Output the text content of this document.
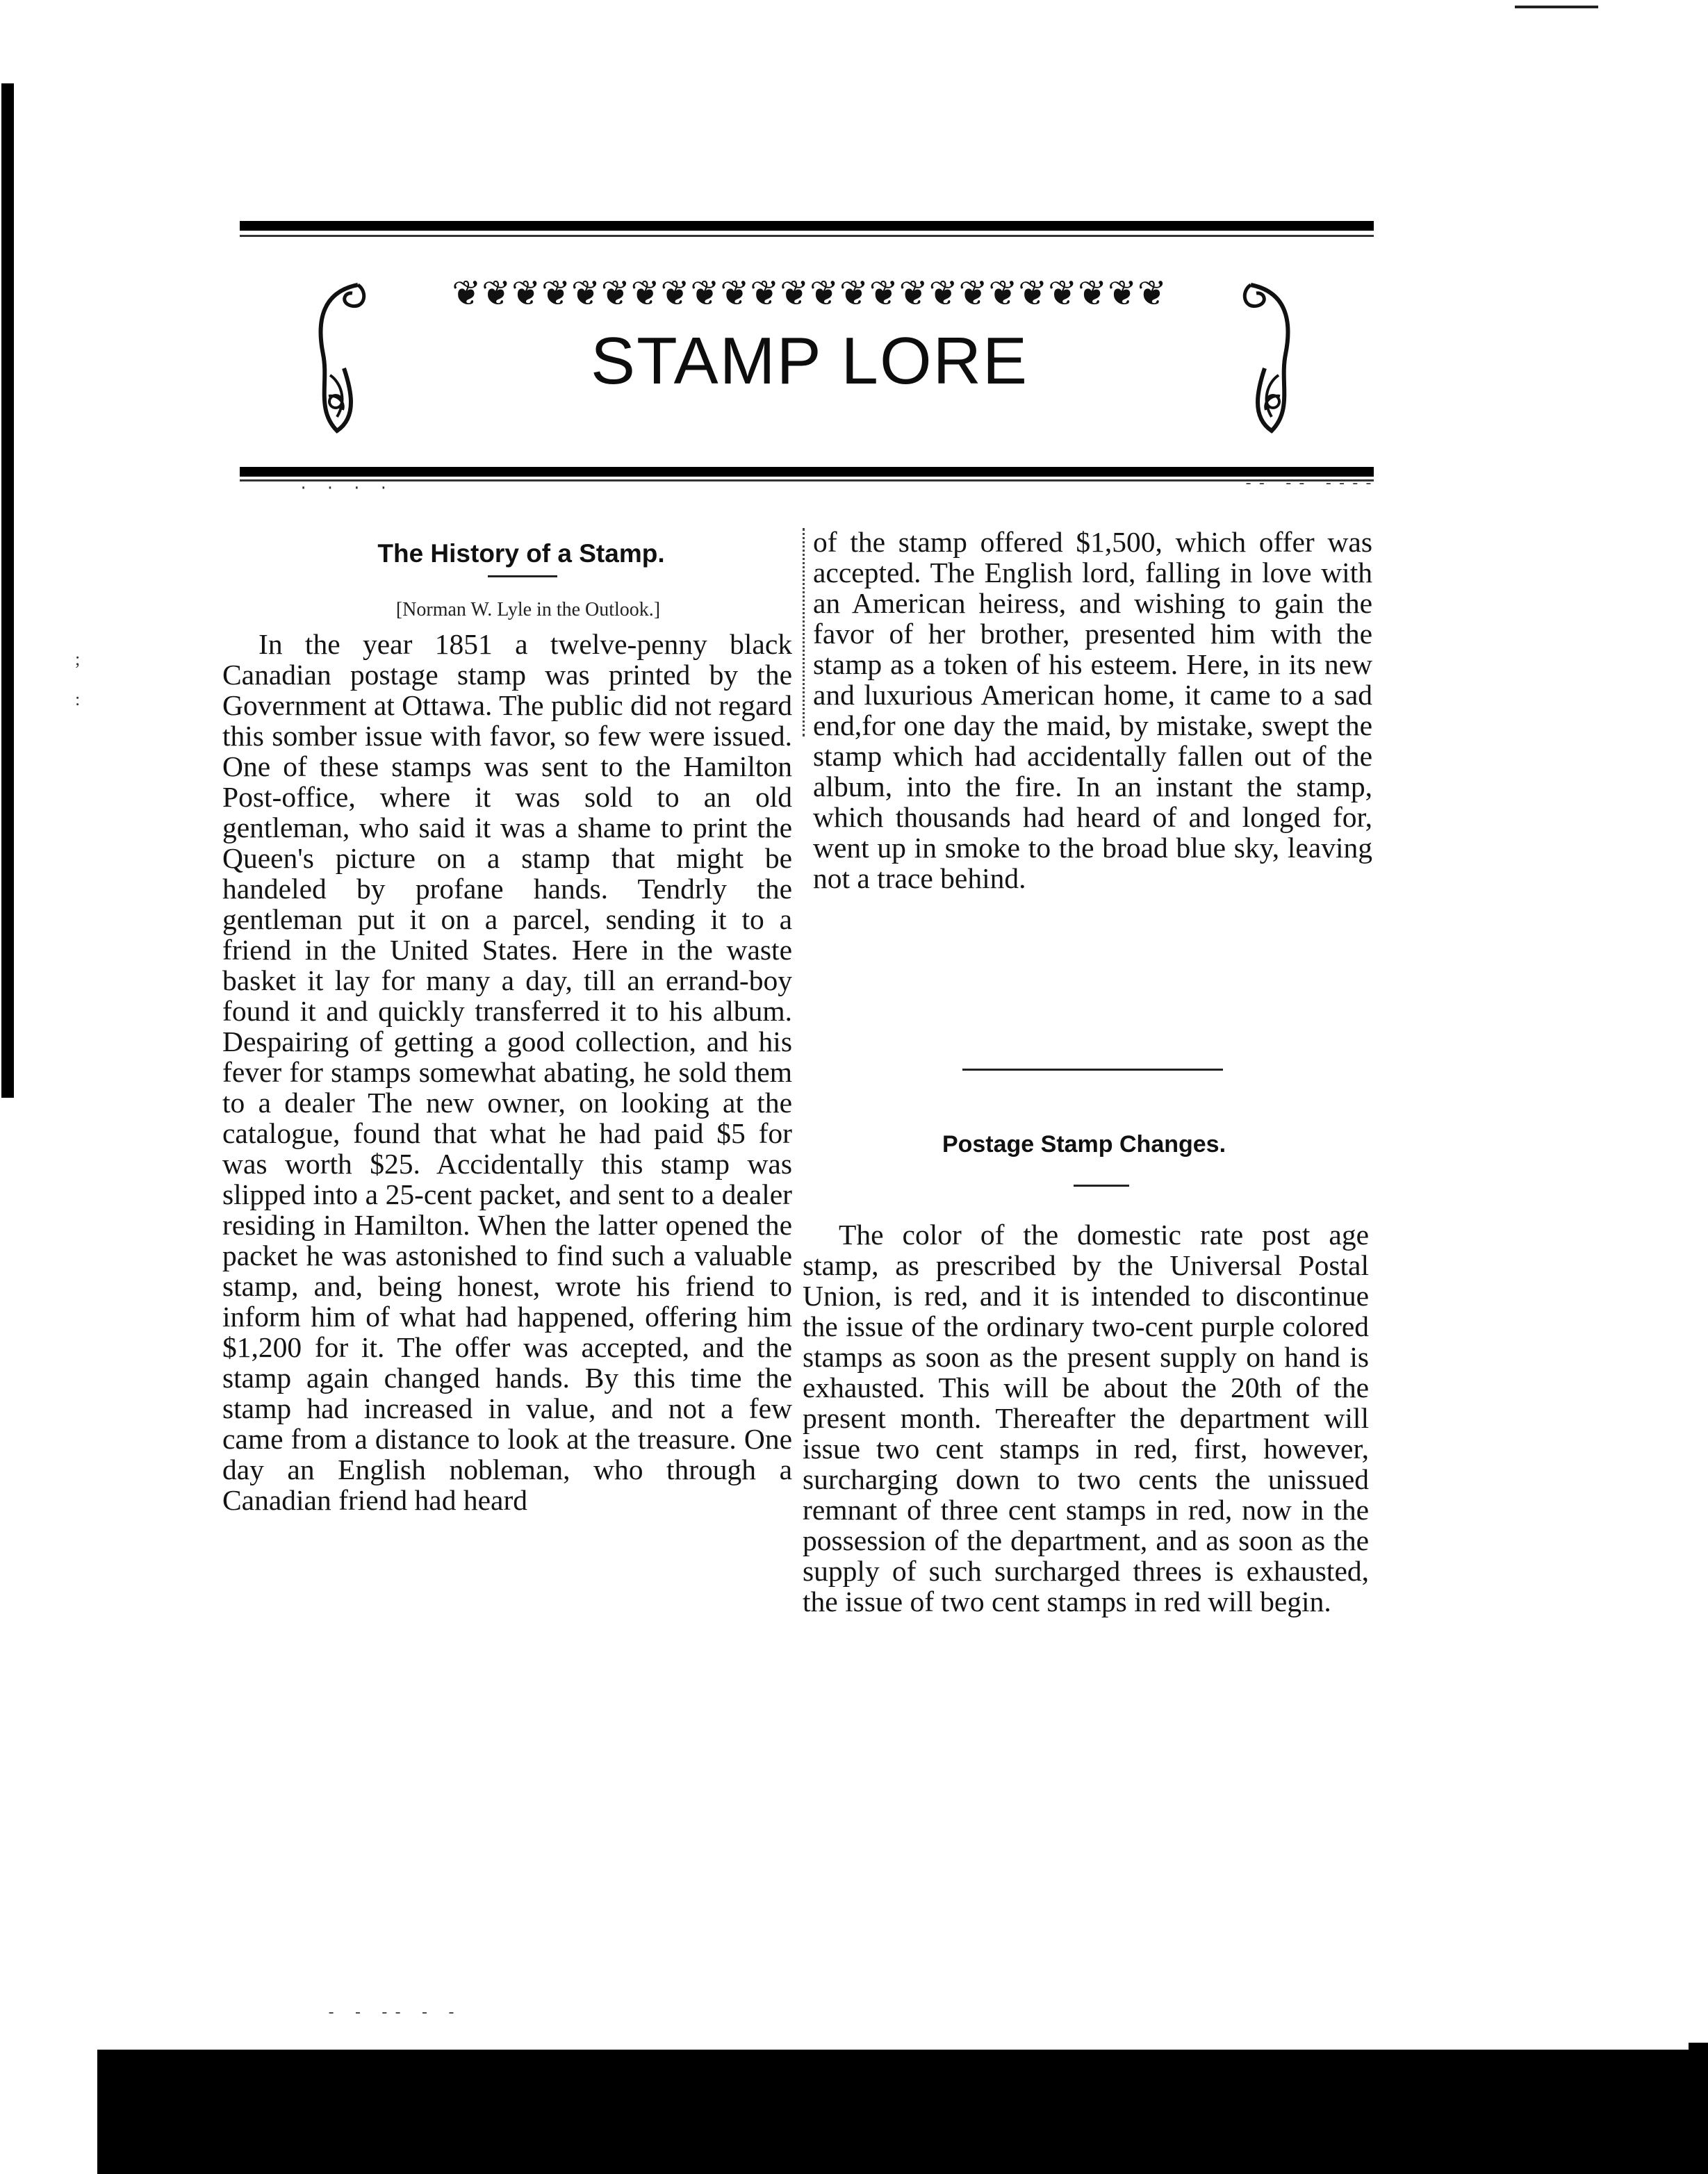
❦❦❦❦❦❦❦❦❦❦❦❦❦❦❦❦❦❦❦❦❦❦❦❦
STAMP LORE
· · · ·	-- -- ----
The History of a Stamp.

[Norman W. Lyle in the Outlook.]

;
:

In the year 1851 a twelve-penny black Canadian postage stamp was printed by the Government at Ottawa. The public did not regard this somber issue with favor, so few were issued. One of these stamps was sent to the Hamilton Post-office, where it was sold to an old gentleman, who said it was a shame to print the Queen's picture on a stamp that might be handeled by profane hands. Tendrly the gentleman put it on a parcel, sending it to a friend in the United States. Here in the waste basket it lay for many a day, till an errand-boy found it and quickly transferred it to his album. Despairing of getting a good collection, and his fever for stamps somewhat abating, he sold them to a dealer The new owner, on looking at the catalogue, found that what he had paid $5 for was worth $25. Accidentally this stamp was slipped into a 25-cent packet, and sent to a dealer residing in Hamilton. When the latter opened the packet he was astonished to find such a valuable stamp, and, being honest, wrote his friend to inform him of what had happened, offering him $1,200 for it. The offer was accepted, and the stamp again changed hands. By this time the stamp had increased in value, and not a few came from a distance to look at the treasure. One day an English nobleman, who through a Canadian friend had heard

of the stamp offered $1,500, which offer was accepted. The English lord, falling in love with an American heiress, and wishing to gain the favor of her brother, presented him with the stamp as a token of his esteem. Here, in its new and luxurious American home, it came to a sad end,for one day the maid, by mistake, swept the stamp which had accidentally fallen out of the album, into the fire. In an instant the stamp, which thousands had heard of and longed for, went up in smoke to the broad blue sky, leaving not a trace behind.

Postage Stamp Changes.

The color of the domestic rate post age stamp, as prescribed by the Universal Postal Union, is red, and it is intended to discontinue the issue of the ordinary two-cent purple colored stamps as soon as the present supply on hand is exhausted. This will be about the 20th of the present month. Thereafter the department will issue two cent stamps in red, first, however, surcharging down to two cents the unissued remnant of three cent stamps in red, now in the possession of the department, and as soon as the supply of such surcharged threes is exhausted, the issue of two cent stamps in red will begin.

- - -- - -
